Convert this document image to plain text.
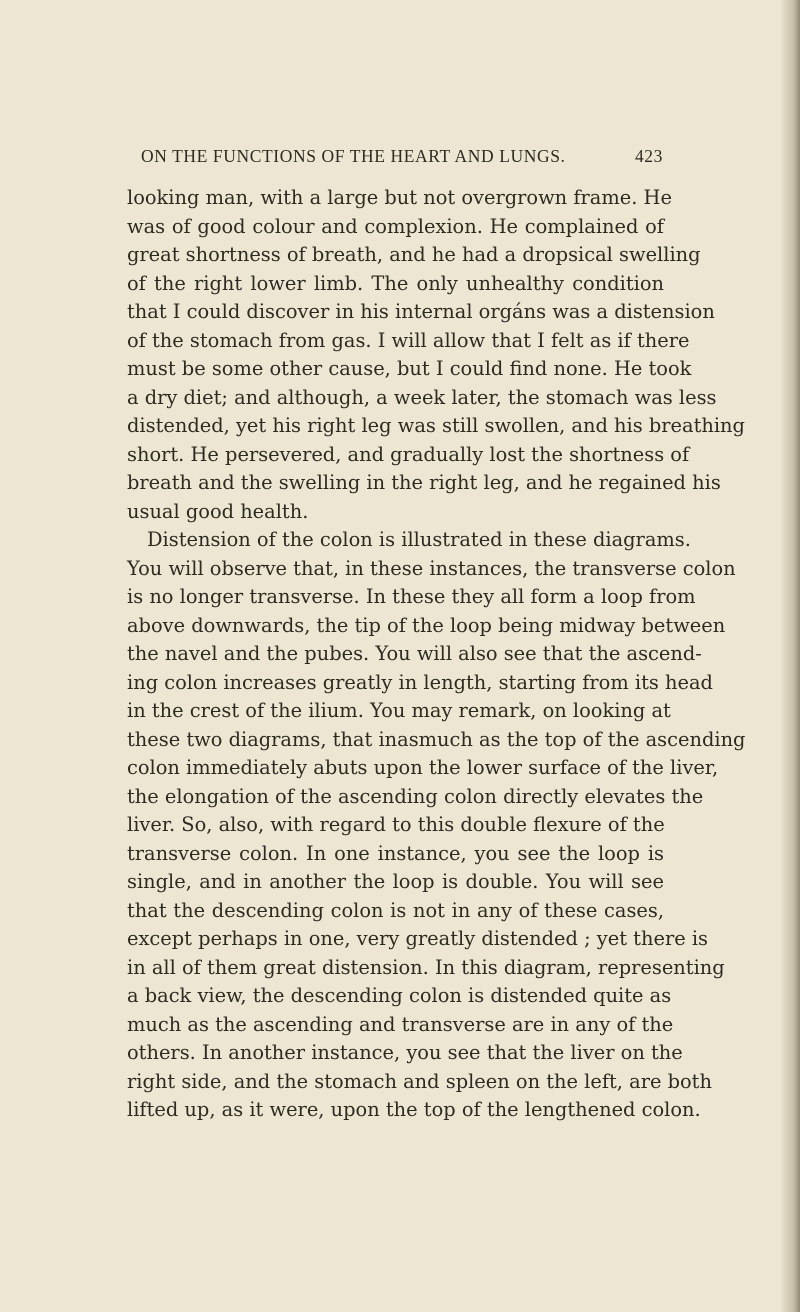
ON THE FUNCTIONS OF THE HEART AND LUNGS.	423
looking man, with a large but not overgrown frame. He
was of good colour and complexion. He complained of
great shortness of breath, and he had a dropsical swelling
of the right lower limb. The only unhealthy condition
that I could discover in his internal orgáns was a distension
of the stomach from gas. I will allow that I felt as if there
must be some other cause, but I could find none. He took
a dry diet; and although, a week later, the stomach was less
distended, yet his right leg was still swollen, and his breathing
short. He persevered, and gradually lost the shortness of
breath and the swelling in the right leg, and he regained his
usual good health.
Distension of the colon is illustrated in these diagrams.
You will observe that, in these instances, the transverse colon
is no longer transverse. In these they all form a loop from
above downwards, the tip of the loop being midway between
the navel and the pubes. You will also see that the ascend-
ing colon increases greatly in length, starting from its head
in the crest of the ilium. You may remark, on looking at
these two diagrams, that inasmuch as the top of the ascending
colon immediately abuts upon the lower surface of the liver,
the elongation of the ascending colon directly elevates the
liver. So, also, with regard to this double flexure of the
transverse colon. In one instance, you see the loop is
single, and in another the loop is double. You will see
that the descending colon is not in any of these cases,
except perhaps in one, very greatly distended ; yet there is
in all of them great distension. In this diagram, representing
a back view, the descending colon is distended quite as
much as the ascending and transverse are in any of the
others. In another instance, you see that the liver on the
right side, and the stomach and spleen on the left, are both
lifted up, as it were, upon the top of the lengthened colon.
